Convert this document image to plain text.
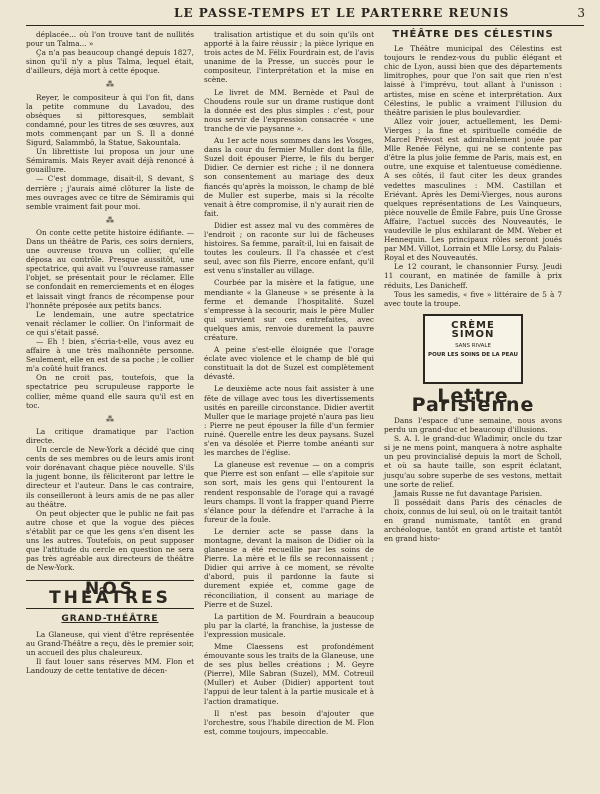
LE PASSE-TEMPS ET LE PARTERRE REUNIS	3

déplacée... où l'on trouve tant de nullités pour un Talma... »

Ça n'a pas beaucoup changé depuis 1827, sinon qu'il n'y a plus Talma, lequel était, d'ailleurs, déjà mort à cette époque.

⁂

Reyer, le compositeur à qui l'on fit, dans la petite commune du Lavadou, des obsèques si pittoresques, semblait condamné, pour les titres de ses œuvres, aux mots commençant par un S. Il a donné Sigurd, Salammbô, la Statue, Sakountala.

Un librettiste lui proposa un jour une Sémiramis. Mais Reyer avait déjà renoncé à gouaillure.

— C'est dommage, disait-il, S devant, S derrière ; j'aurais aimé clôturer la liste de mes ouvrages avec ce titre de Sémiramis qui semble vraiment fait pour moi.

⁂

On conte cette petite histoire édifiante. — Dans un théâtre de Paris, ces soirs derniers, une ouvreuse trouva un collier, qu'elle déposa au contrôle. Presque aussitôt, une spectatrice, qui avait vu l'ouvreuse ramasser l'objet, se présentait pour le réclamer. Elle se confondait en remerciements et en éloges et laissait vingt francs de récompense pour l'honnête préposée aux petits bancs.

Le lendemain, une autre spectatrice venait réclamer le collier. On l'informait de ce qui s'était passé.

— Eh ! bien, s'écria-t-elle, vous avez eu affaire à une très malhonnête personne. Seulement, elle en est de sa poche ; le collier m'a coûté huit francs.

On ne croit pas, toutefois, que la spectatrice peu scrupuleuse rapporte le collier, même quand elle saura qu'il est en toc.

⁂

La critique dramatique par l'action directe.

Un cercle de New-York a décidé que cinq cents de ses membres ou de leurs amis iront voir dorénavant chaque pièce nouvelle. S'ils la jugent bonne, ils féliciteront par lettre le directeur et l'auteur. Dans le cas contraire, ils conseilleront à leurs amis de ne pas aller au théâtre.

On peut objecter que le public ne fait pas autre chose et que la vogue des pièces s'établit par ce que les gens s'en disent les uns les autres. Toutefois, on peut supposer que l'attitude du cercle en question ne sera pas très agréable aux directeurs de théâtre de New-York.

NOS THÉÂTRES
GRAND-THÉÂTRE

La Glaneuse, qui vient d'être représentée au Grand-Théâtre a reçu, dès le premier soir, un accueil des plus chaleureux.

Il faut louer sans réserves MM. Flon et Landouzy de cette tentative de décen-

tralisation artistique et du soin qu'ils ont apporté à la faire réussir ; la pièce lyrique en trois actes de M. Félix Fourdrain est, de l'avis unanime de la Presse, un succès pour le compositeur, l'interprétation et la mise en scène.

Le livret de MM. Bernède et Paul de Choudens roule sur un drame rustique dont la donnée est des plus simples : c'est, pour nous servir de l'expression consacrée « une tranche de vie paysanne ».

Au 1er acte nous sommes dans les Vosges, dans la cour du fermier Muller dont la fille, Suzel doit épouser Pierre, le fils du berger Didier. Ce dernier est riche ; il ne donnera son consentement au mariage des deux fiancés qu'après la moisson, le champ de blé de Muller est superbe, mais si la récolte venait à être compromise, il n'y aurait rien de fait.

Didier est assez mal vu des commères de l'endroit ; on raconte sur lui de fâcheuses histoires. Sa femme, paraît-il, lui en faisait de toutes les couleurs. Il l'a chassée et c'est seul, avec son fils Pierre, encore enfant, qu'il est venu s'installer au village.

Courbée par la misère et la fatigue, une mendiante « la Glaneuse » se présente à la ferme et demande l'hospitalité. Suzel s'empresse à la secourir, mais le père Muller qui survient sur ces entrefaites, avec quelques amis, renvoie durement la pauvre créature.

A peine s'est-elle éloignée que l'orage éclate avec violence et le champ de blé qui constituait la dot de Suzel est complètement dévasté.

Le deuxième acte nous fait assister à une fête de village avec tous les divertissements usités en pareille circonstance. Didier avertit Muller que le mariage projeté n'aura pas lieu : Pierre ne peut épouser la fille d'un fermier ruiné. Querelle entre les deux paysans. Suzel s'en va désolée et Pierre tombe anéanti sur les marches de l'église.

La glaneuse est revenue — on a compris que Pierre est son enfant — elle s'apitoie sur son sort, mais les gens qui l'entourent la rendent responsable de l'orage qui a ravagé leurs champs. Il vont la frapper quand Pierre s'élance pour la défendre et l'arrache à la fureur de la foule.

Le dernier acte se passe dans la montagne, devant la maison de Didier où la glaneuse a été recueillie par les soins de Pierre. La mère et le fils se reconnaissent ; Didier qui arrive à ce moment, se révolte d'abord, puis il pardonne la faute si durement expiée et, comme gage de réconciliation, il consent au mariage de Pierre et de Suzel.

La partition de M. Fourdrain a beaucoup plu par la clarté, la franchise, la justesse de l'expression musicale.

Mme Claessens est profondément émouvante sous les traits de la Glaneuse, une de ses plus belles créations ; M. Geyre (Pierre), Mlle Sabran (Suzel), MM. Cotreuil (Muller) et Auber (Didier) apportent tout l'appui de leur talent à la partie musicale et à l'action dramatique.

Il n'est pas besoin d'ajouter que l'orchestre, sous l'habile direction de M. Flon est, comme toujours, impeccable.

THÉÂTRE DES CÉLESTINS

Le Théâtre municipal des Célestins est toujours le rendez-vous du public élégant et chic de Lyon, aussi bien que des départements limitrophes, pour que l'on sait que rien n'est laissé à l'imprévu, tout allant à l'unisson : artistes, mise en scène et interprétation. Aux Célestins, le public a vraiment l'illusion du théâtre parisien le plus boulevardier.

Allez voir jouer, actuellement, les Demi-Vierges ; la fine et spirituelle comédie de Marcel Prévost est admirablement jouée par Mlle Renée Félyne, qui ne se contente pas d'être la plus jolie femme de Paris, mais est, en outre, une exquise et talentueuse comédienne. A ses côtés, il faut citer les deux grandes vedettes masculines : MM. Castillan et Eriévant. Après les Demi-Vierges, nous aurons quelques représentations de Les Vainqueurs, pièce nouvelle de Émile Fabre, puis Une Grosse Affaire, l'actuel succès des Nouveautés, le vaudeville le plus exhilarant de MM. Weber et Hennequin. Les principaux rôles seront joués par MM. Villot, Lorrain et Mlle Lorsy, du Palais-Royal et des Nouveautés.

Le 12 courant, le chansonnier Fursy. Jeudi 11 courant, en matinée de famille à prix réduits, Les Danicheff.

Tous les samedis, « five » littéraire de 5 à 7 avec toute la troupe.

CRÈME
SIMON
SANS RIVALE
POUR LES SOINS DE LA PEAU
Lettre Parisienne

Dans l'espace d'une semaine, nous avons perdu un grand-duc et beaucoup d'illusions.

S. A. I. le grand-duc Wladimir, oncle du tzar si je ne mens point, manquera à notre asphalte un peu provincialisé depuis la mort de Scholl, et où sa haute taille, son esprit éclatant, jusqu'au sobre superbe de ses vestons, mettait une sorte de relief.

Jamais Russe ne fut davantage Parisien.

Il possédait dans Paris des cénacles de choix, connus de lui seul, où on le traitait tantôt en grand numismate, tantôt en grand archéologue, tantôt en grand artiste et tantôt en grand histo-
